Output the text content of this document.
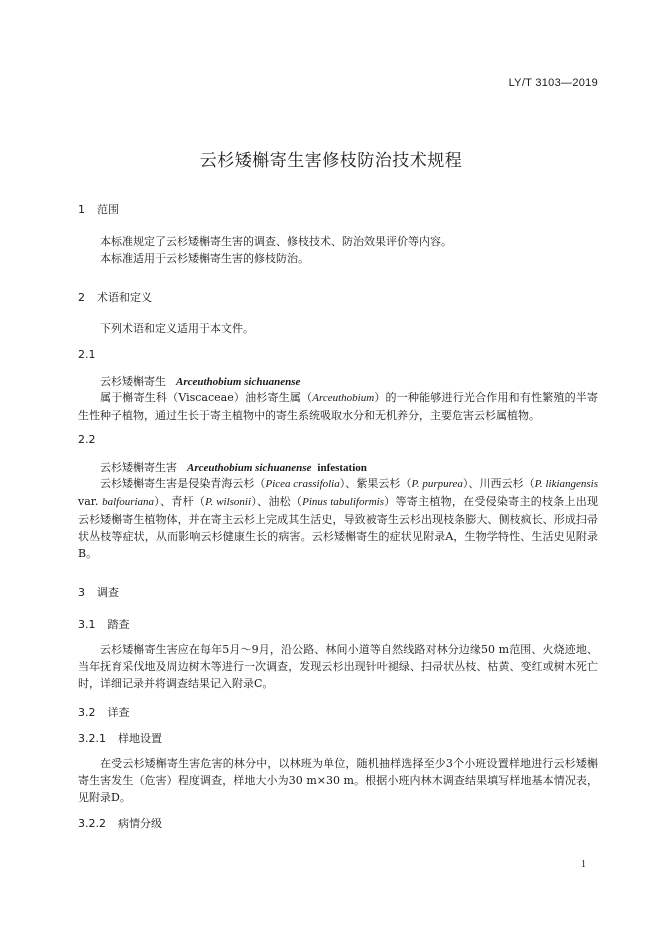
LY/T 3103—2019
云杉矮槲寄生害修枝防治技术规程
1 范围
本标准规定了云杉矮槲寄生害的调查、修枝技术、防治效果评价等内容。
本标准适用于云杉矮槲寄生害的修枝防治。
2 术语和定义
下列术语和定义适用于本文件。
2.1
云杉矮槲寄生 Arceuthobium sichuanense
属于槲寄生科（Viscaceae）油杉寄生属（Arceuthobium）的一种能够进行光合作用和有性繁殖的半寄生性种子植物，通过生长于寄主植物中的寄生系统吸取水分和无机养分，主要危害云杉属植物。
2.2
云杉矮槲寄生害 Arceuthobium sichuanense infestation
云杉矮槲寄生害是侵染青海云杉（Picea crassifolia）、紫果云杉（P. purpurea）、川西云杉（P. likiangensis var. balfouriana）、青杆（P. wilsonii）、油松（Pinus tabuliformis）等寄主植物，在受侵染寄主的枝条上出现云杉矮槲寄生植物体，并在寄主云杉上完成其生活史，导致被寄生云杉出现枝条膨大、侧枝疯长、形成扫帚状丛枝等症状，从而影响云杉健康生长的病害。云杉矮槲寄生的症状见附录A，生物学特性、生活史见附录B。
3 调查
3.1 踏查
云杉矮槲寄生害应在每年5月～9月，沿公路、林间小道等自然线路对林分边缘50 m范围、火烧迹地、当年抚育采伐地及周边树木等进行一次调查，发现云杉出现针叶褪绿、扫帚状丛枝、枯黄、变红或树木死亡时，详细记录并将调查结果记入附录C。
3.2 详查
3.2.1 样地设置
在受云杉矮槲寄生害危害的林分中，以林班为单位，随机抽样选择至少3个小班设置样地进行云杉矮槲寄生害发生（危害）程度调查，样地大小为30 m×30 m。根据小班内林木调查结果填写样地基本情况表，见附录D。
3.2.2 病情分级
1
